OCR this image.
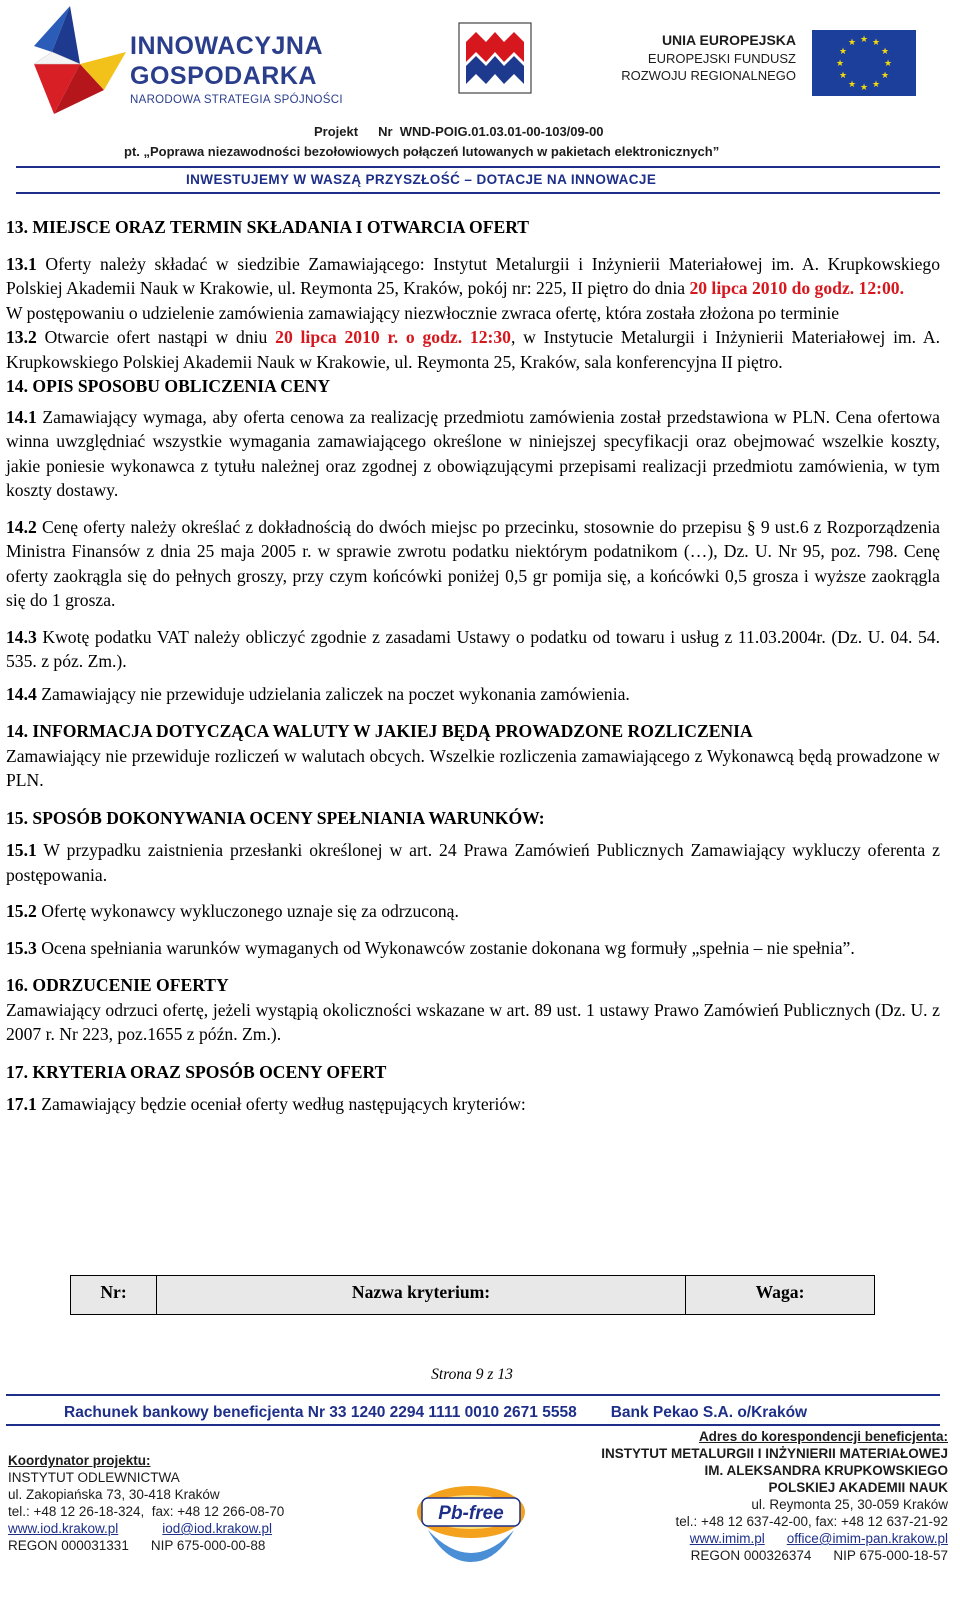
INNOWACYJNA
GOSPODARKA
NARODOWA STRATEGIA SPÓJNOŚCI
UNIA EUROPEJSKA
EUROPEJSKI FUNDUSZ
ROZWOJU REGIONALNEGO
★ ★
★
★
★
★
★
★
★
★
★
★
Projekt Nr WND-POIG.01.03.01-00-103/09-00
pt. „Poprawa niezawodności bezołowiowych połączeń lutowanych w pakietach elektronicznych”
INWESTUJEMY W WASZĄ PRZYSZŁOŚĆ – DOTACJE NA INNOWACJE
13. MIEJSCE ORAZ TERMIN SKŁADANIA I OTWARCIA OFERT

13.1 Oferty należy składać w siedzibie Zamawiającego: Instytut Metalurgii i Inżynierii Materiałowej im. A. Krupkowskiego Polskiej Akademii Nauk w Krakowie, ul. Reymonta 25, Kraków, pokój nr: 225, II piętro do dnia 20 lipca 2010 do godz. 12:00.

W postępowaniu o udzielenie zamówienia zamawiający niezwłocznie zwraca ofertę, która została złożona po terminie

13.2 Otwarcie ofert nastąpi w dniu 20 lipca 2010 r. o godz. 12:30, w Instytucie Metalurgii i Inżynierii Materiałowej im. A. Krupkowskiego Polskiej Akademii Nauk w Krakowie, ul. Reymonta 25, Kraków, sala konferencyjna II piętro.

14. OPIS SPOSOBU OBLICZENIA CENY

14.1 Zamawiający wymaga, aby oferta cenowa za realizację przedmiotu zamówienia został przedstawiona w PLN. Cena ofertowa winna uwzględniać wszystkie wymagania zamawiającego określone w niniejszej specyfikacji oraz obejmować wszelkie koszty, jakie poniesie wykonawca z tytułu należnej oraz zgodnej z obowiązującymi przepisami realizacji przedmiotu zamówienia, w tym koszty dostawy.

14.2 Cenę oferty należy określać z dokładnością do dwóch miejsc po przecinku, stosownie do przepisu § 9 ust.6 z Rozporządzenia Ministra Finansów z dnia 25 maja 2005 r. w sprawie zwrotu podatku niektórym podatnikom (…), Dz. U. Nr 95, poz. 798. Cenę oferty zaokrągla się do pełnych groszy, przy czym końcówki poniżej 0,5 gr pomija się, a końcówki 0,5 grosza i wyższe zaokrągla się do 1 grosza.

14.3 Kwotę podatku VAT należy obliczyć zgodnie z zasadami Ustawy o podatku od towaru i usług z 11.03.2004r. (Dz. U. 04. 54. 535. z póz. Zm.).

14.4 Zamawiający nie przewiduje udzielania zaliczek na poczet wykonania zamówienia.

14. INFORMACJA DOTYCZĄCA WALUTY W JAKIEJ BĘDĄ PROWADZONE ROZLICZENIA

Zamawiający nie przewiduje rozliczeń w walutach obcych. Wszelkie rozliczenia zamawiającego z Wykonawcą będą prowadzone w PLN.

15. SPOSÓB DOKONYWANIA OCENY SPEŁNIANIA WARUNKÓW:

15.1 W przypadku zaistnienia przesłanki określonej w art. 24 Prawa Zamówień Publicznych Zamawiający wykluczy oferenta z postępowania.

15.2 Ofertę wykonawcy wykluczonego uznaje się za odrzuconą.

15.3 Ocena spełniania warunków wymaganych od Wykonawców zostanie dokonana wg formuły „spełnia – nie spełnia”.

16. ODRZUCENIE OFERTY

Zamawiający odrzuci ofertę, jeżeli wystąpią okoliczności wskazane w art. 89 ust. 1 ustawy Prawo Zamówień Publicznych (Dz. U. z 2007 r. Nr 223, poz.1655 z późn. Zm.).

17. KRYTERIA ORAZ SPOSÓB OCENY OFERT

17.1 Zamawiający będzie oceniał oferty według następujących kryteriów:

Nr:	Nazwa kryterium:	Waga:
Strona 9 z 13
Rachunek bankowy beneficjenta Nr 33 1240 2294 1111 0010 2671 5558 Bank Pekao S.A. o/Kraków
Koordynator projektu:
INSTYTUT ODLEWNICTWA
ul. Zakopiańska 73, 30-418 Kraków
tel.: +48 12 26-18-324, fax: +48 12 266-08-70
www.iod.krakow.pl	iod@iod.krakow.pl
REGON 000031331 NIP 675-000-00-88
Pb-free
Adres do korespondencji beneficjenta:
INSTYTUT METALURGII I INŻYNIERII MATERIAŁOWEJ
IM. ALEKSANDRA KRUPKOWSKIEGO
POLSKIEJ AKADEMII NAUK
ul. Reymonta 25, 30-059 Kraków
tel.: +48 12 637-42-00, fax: +48 12 637-21-92
www.imim.pl office@imim-pan.krakow.pl
REGON 000326374 NIP 675-000-18-57
